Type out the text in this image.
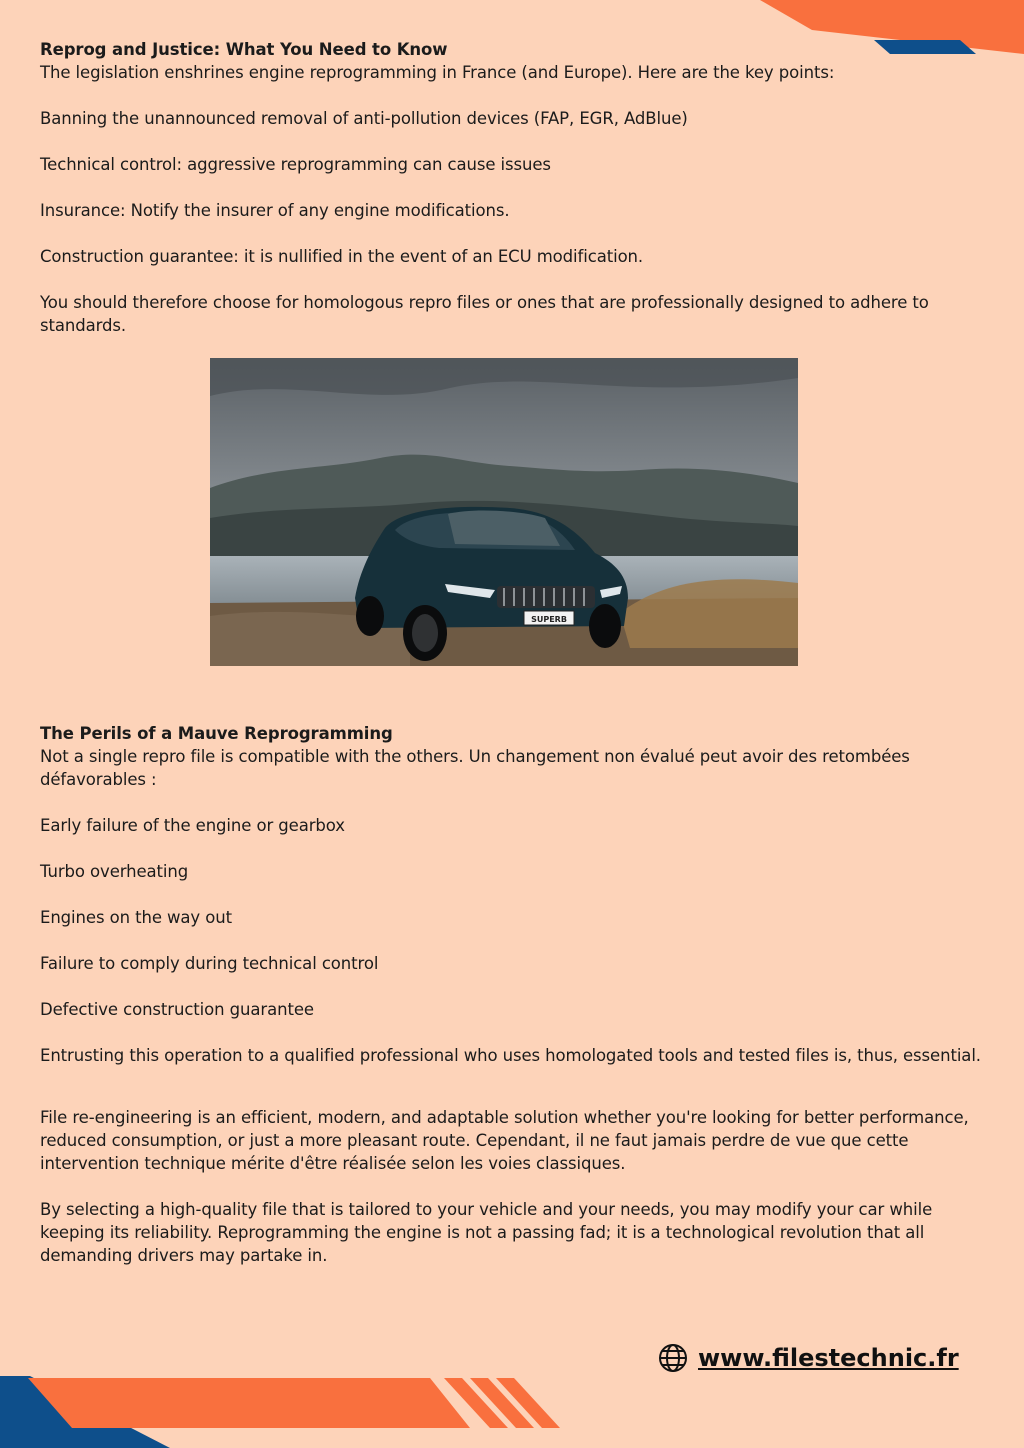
Reprog and Justice: What You Need to Know

The legislation enshrines engine reprogramming in France (and Europe). Here are the key points:

Banning the unannounced removal of anti-pollution devices (FAP, EGR, AdBlue)

Technical control: aggressive reprogramming can cause issues

Insurance: Notify the insurer of any engine modifications.

Construction guarantee: it is nullified in the event of an ECU modification.

You should therefore choose for homologous repro files or ones that are professionally designed to adhere to standards.

SUPERB

The Perils of a Mauve Reprogramming

Not a single repro file is compatible with the others. Un changement non évalué peut avoir des retombées défavorables :

Early failure of the engine or gearbox

Turbo overheating

Engines on the way out

Failure to comply during technical control

Defective construction guarantee

Entrusting this operation to a qualified professional who uses homologated tools and tested files is, thus, essential.

File re-engineering is an efficient, modern, and adaptable solution whether you're looking for better performance, reduced consumption, or just a more pleasant route. Cependant, il ne faut jamais perdre de vue que cette intervention technique mérite d'être réalisée selon les voies classiques.

By selecting a high-quality file that is tailored to your vehicle and your needs, you may modify your car while keeping its reliability. Reprogramming the engine is not a passing fad; it is a technological revolution that all demanding drivers may partake in.

www.filestechnic.fr
